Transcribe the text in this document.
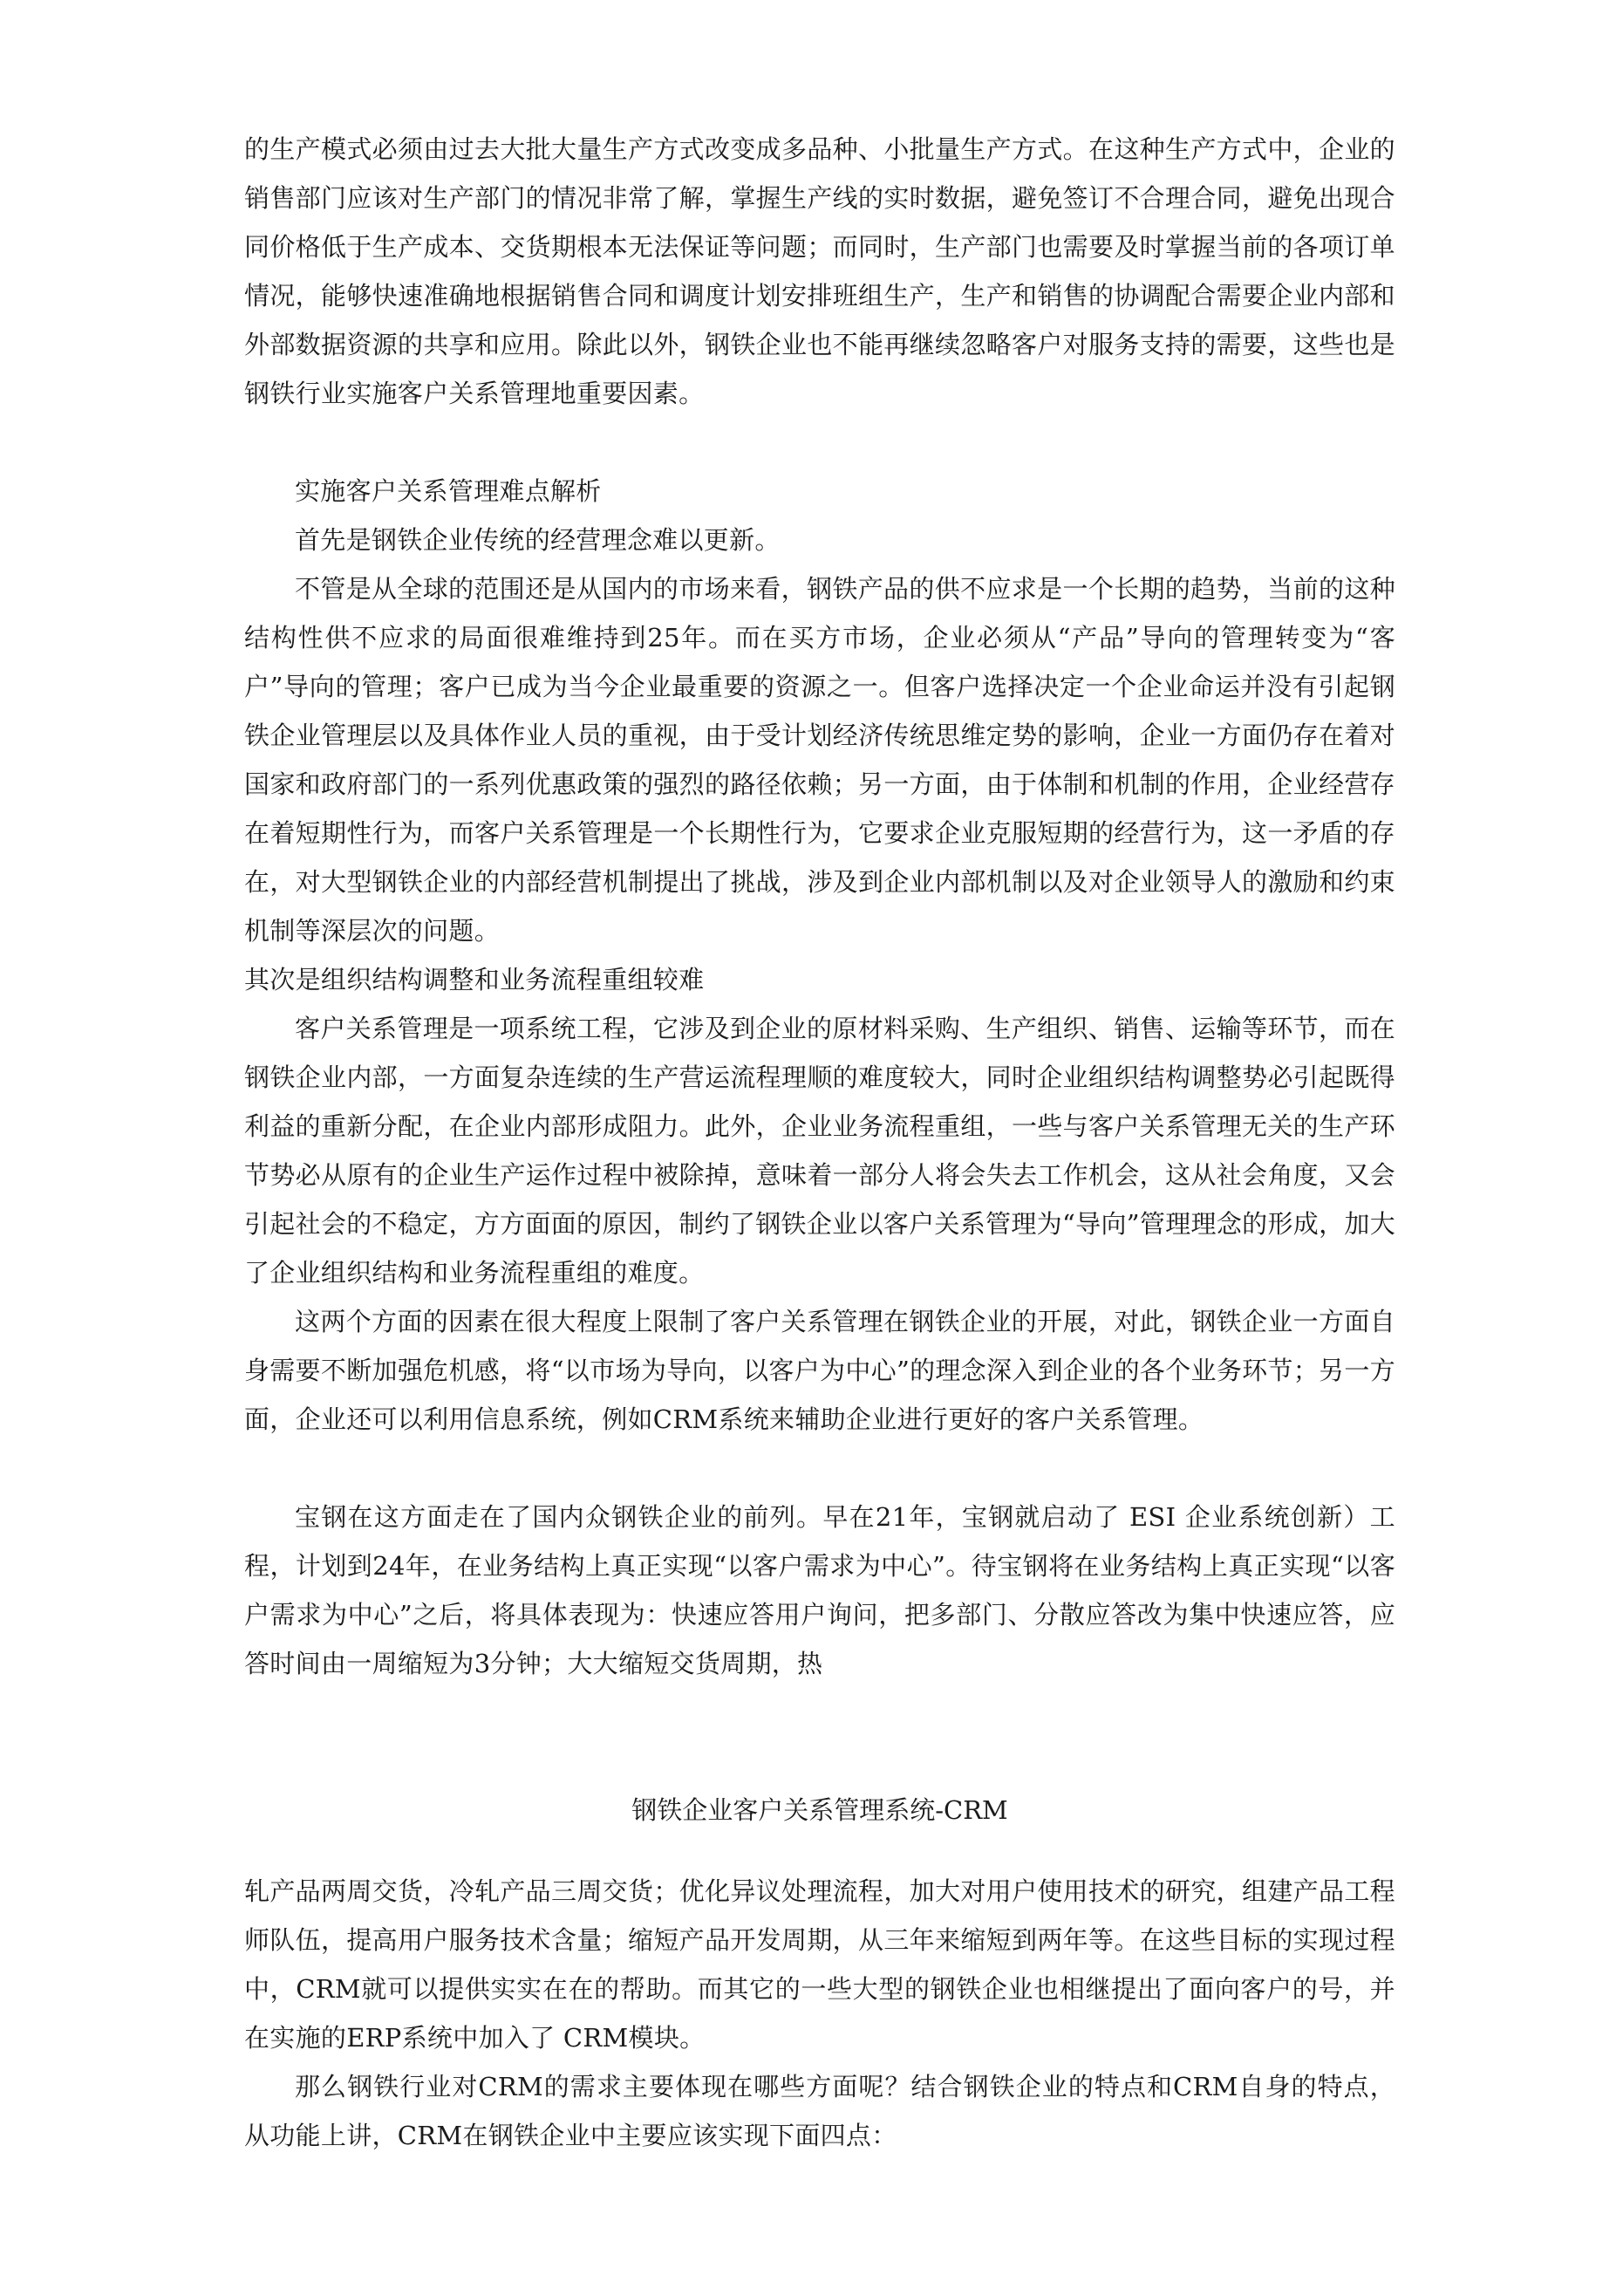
的生产模式必须由过去大批大量生产方式改变成多品种、小批量生产方式。在这种生产方式中，企业的销售部门应该对生产部门的情况非常了解，掌握生产线的实时数据，避免签订不合理合同，避免出现合同价格低于生产成本、交货期根本无法保证等问题；而同时，生产部门也需要及时掌握当前的各项订单情况，能够快速准确地根据销售合同和调度计划安排班组生产，生产和销售的协调配合需要企业内部和外部数据资源的共享和应用。除此以外，钢铁企业也不能再继续忽略客户对服务支持的需要，这些也是钢铁行业实施客户关系管理地重要因素。

实施客户关系管理难点解析

首先是钢铁企业传统的经营理念难以更新。

不管是从全球的范围还是从国内的市场来看，钢铁产品的供不应求是一个长期的趋势，当前的这种结构性供不应求的局面很难维持到25年。而在买方市场，企业必须从“产品”导向的管理转变为“客户”导向的管理；客户已成为当今企业最重要的资源之一。但客户选择决定一个企业命运并没有引起钢铁企业管理层以及具体作业人员的重视，由于受计划经济传统思维定势的影响，企业一方面仍存在着对国家和政府部门的一系列优惠政策的强烈的路径依赖；另一方面，由于体制和机制的作用，企业经营存在着短期性行为，而客户关系管理是一个长期性行为，它要求企业克服短期的经营行为，这一矛盾的存在，对大型钢铁企业的内部经营机制提出了挑战，涉及到企业内部机制以及对企业领导人的激励和约束机制等深层次的问题。

其次是组织结构调整和业务流程重组较难

客户关系管理是一项系统工程，它涉及到企业的原材料采购、生产组织、销售、运输等环节，而在钢铁企业内部，一方面复杂连续的生产营运流程理顺的难度较大，同时企业组织结构调整势必引起既得利益的重新分配，在企业内部形成阻力。此外，企业业务流程重组，一些与客户关系管理无关的生产环节势必从原有的企业生产运作过程中被除掉，意味着一部分人将会失去工作机会，这从社会角度，又会引起社会的不稳定，方方面面的原因，制约了钢铁企业以客户关系管理为“导向”管理理念的形成，加大了企业组织结构和业务流程重组的难度。

这两个方面的因素在很大程度上限制了客户关系管理在钢铁企业的开展，对此，钢铁企业一方面自身需要不断加强危机感，将“以市场为导向，以客户为中心”的理念深入到企业的各个业务环节；另一方面，企业还可以利用信息系统，例如CRM系统来辅助企业进行更好的客户关系管理。

宝钢在这方面走在了国内众钢铁企业的前列。早在21年，宝钢就启动了 ESI 企业系统创新）工程，计划到24年，在业务结构上真正实现“以客户需求为中心”。待宝钢将在业务结构上真正实现“以客户需求为中心”之后，将具体表现为：快速应答用户询问，把多部门、分散应答改为集中快速应答，应答时间由一周缩短为3分钟；大大缩短交货周期，热

钢铁企业客户关系管理系统-CRM

轧产品两周交货，冷轧产品三周交货；优化异议处理流程，加大对用户使用技术的研究，组建产品工程师队伍，提高用户服务技术含量；缩短产品开发周期，从三年来缩短到两年等。在这些目标的实现过程中，CRM就可以提供实实在在的帮助。而其它的一些大型的钢铁企业也相继提出了面向客户的号，并在实施的ERP系统中加入了 CRM模块。

那么钢铁行业对CRM的需求主要体现在哪些方面呢？结合钢铁企业的特点和CRM自身的特点，从功能上讲，CRM在钢铁企业中主要应该实现下面四点：
